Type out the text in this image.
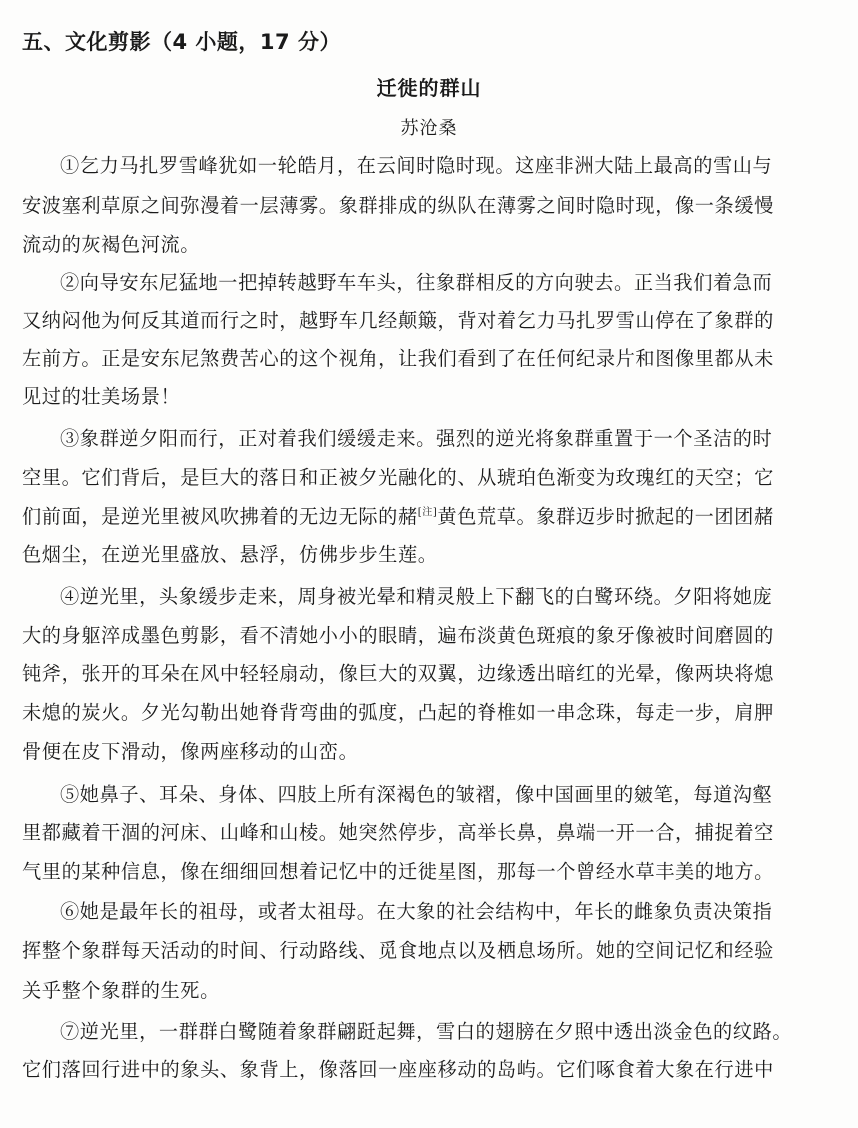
五、文化剪影（4 小题，17 分）
迁徙的群山
苏沧桑
①乞力马扎罗雪峰犹如一轮皓月，在云间时隐时现。这座非洲大陆上最高的雪山与
安波塞利草原之间弥漫着一层薄雾。象群排成的纵队在薄雾之间时隐时现，像一条缓慢
流动的灰褐色河流。
②向导安东尼猛地一把掉转越野车车头，往象群相反的方向驶去。正当我们着急而
又纳闷他为何反其道而行之时，越野车几经颠簸，背对着乞力马扎罗雪山停在了象群的
左前方。正是安东尼煞费苦心的这个视角，让我们看到了在任何纪录片和图像里都从未
见过的壮美场景！
③象群逆夕阳而行，正对着我们缓缓走来。强烈的逆光将象群重置于一个圣洁的时
空里。它们背后，是巨大的落日和正被夕光融化的、从琥珀色渐变为玫瑰红的天空；它
们前面，是逆光里被风吹拂着的无边无际的赭[注]黄色荒草。象群迈步时掀起的一团团赭
色烟尘，在逆光里盛放、悬浮，仿佛步步生莲。
④逆光里，头象缓步走来，周身被光晕和精灵般上下翻飞的白鹭环绕。夕阳将她庞
大的身躯淬成墨色剪影，看不清她小小的眼睛，遍布淡黄色斑痕的象牙像被时间磨圆的
钝斧，张开的耳朵在风中轻轻扇动，像巨大的双翼，边缘透出暗红的光晕，像两块将熄
未熄的炭火。夕光勾勒出她脊背弯曲的弧度，凸起的脊椎如一串念珠，每走一步，肩胛
骨便在皮下滑动，像两座移动的山峦。
⑤她鼻子、耳朵、身体、四肢上所有深褐色的皱褶，像中国画里的皴笔，每道沟壑
里都藏着干涸的河床、山峰和山棱。她突然停步，高举长鼻，鼻端一开一合，捕捉着空
气里的某种信息，像在细细回想着记忆中的迁徙星图，那每一个曾经水草丰美的地方。
⑥她是最年长的祖母，或者太祖母。在大象的社会结构中，年长的雌象负责决策指
挥整个象群每天活动的时间、行动路线、觅食地点以及栖息场所。她的空间记忆和经验
关乎整个象群的生死。
⑦逆光里，一群群白鹭随着象群翩跹起舞，雪白的翅膀在夕照中透出淡金色的纹路。
它们落回行进中的象头、象背上，像落回一座座移动的岛屿。它们啄食着大象在行进中
